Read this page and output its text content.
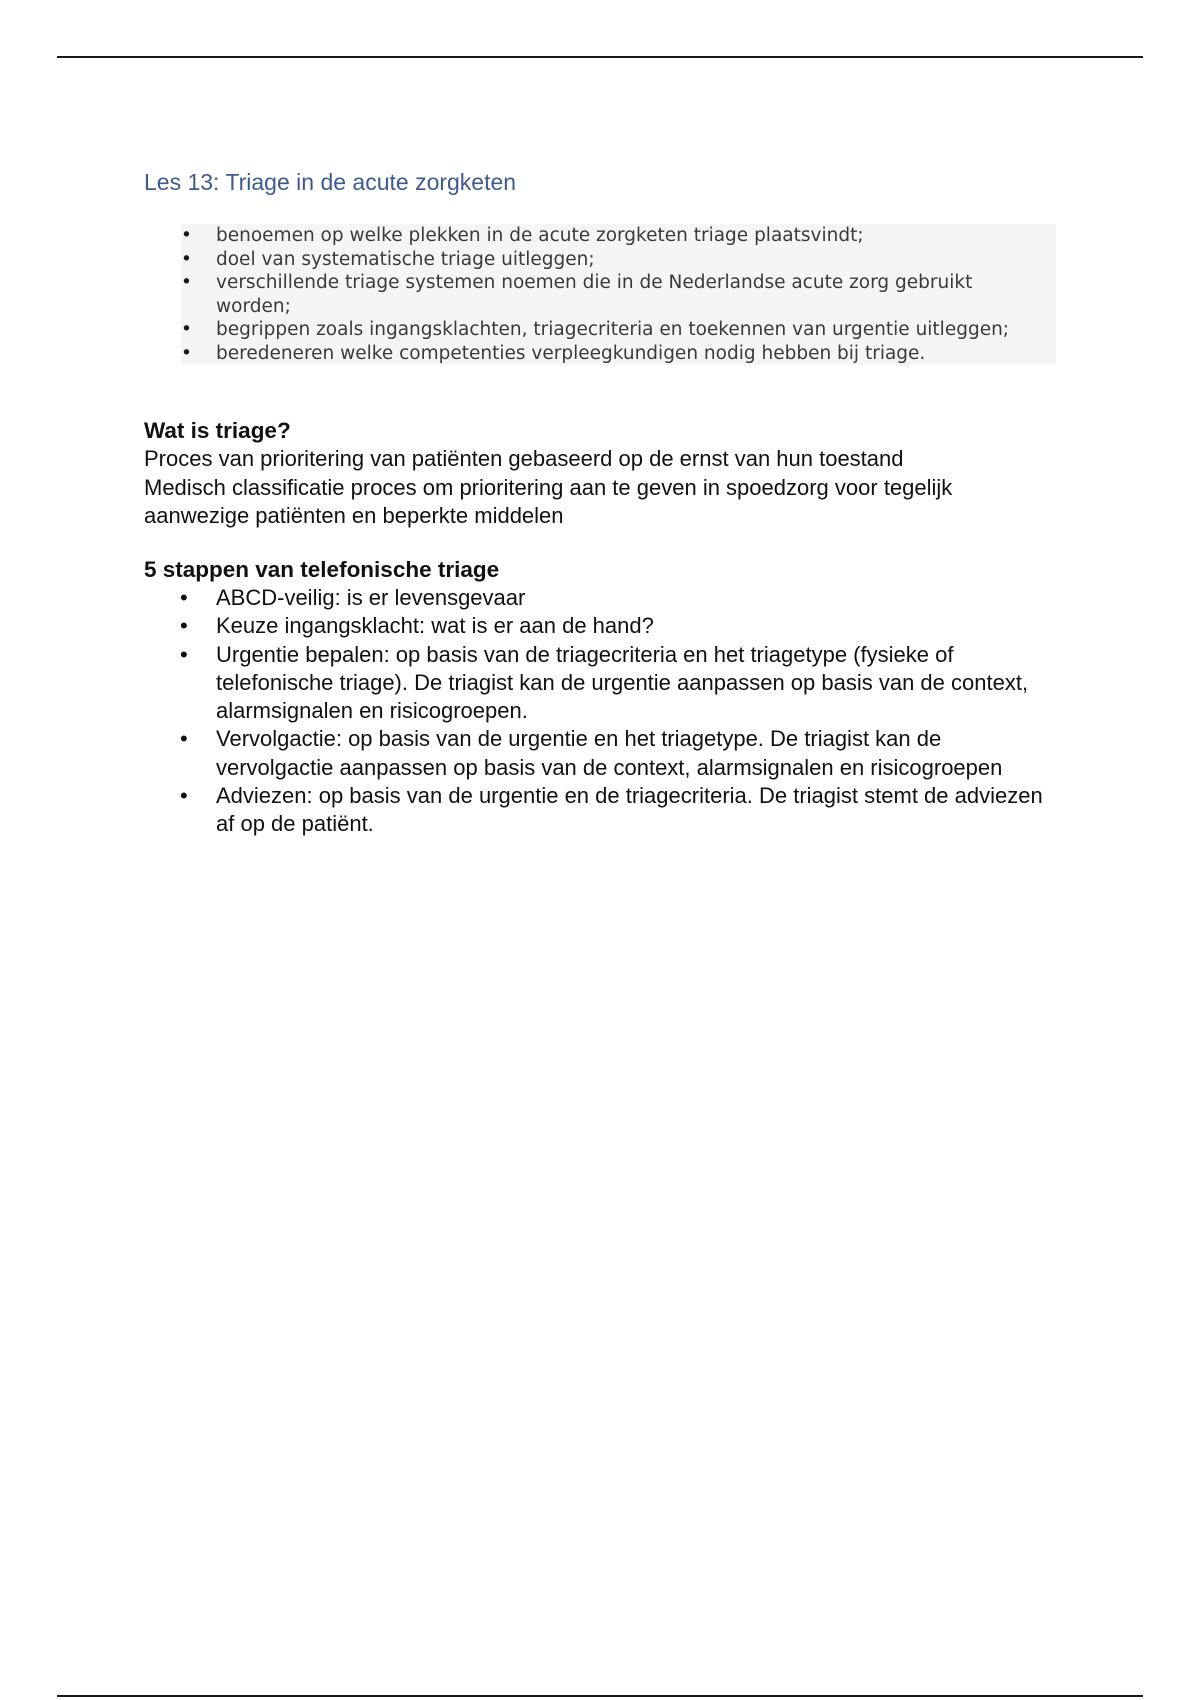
Les 13: Triage in de acute zorgketen
• benoemen op welke plekken in de acute zorgketen triage plaatsvindt;
• doel van systematische triage uitleggen;
• verschillende triage systemen noemen die in de Nederlandse acute zorg gebruikt worden;
• begrippen zoals ingangsklachten, triagecriteria en toekennen van urgentie uitleggen;
• beredeneren welke competenties verpleegkundigen nodig hebben bij triage.
Wat is triage?

Proces van prioritering van patiënten gebaseerd op de ernst van hun toestand
Medisch classificatie proces om prioritering aan te geven in spoedzorg voor tegelijk
aanwezige patiënten en beperkte middelen

5 stappen van telefonische triage
• ABCD-veilig: is er levensgevaar
• Keuze ingangsklacht: wat is er aan de hand?
• Urgentie bepalen: op basis van de triagecriteria en het triagetype (fysieke of telefonische triage). De triagist kan de urgentie aanpassen op basis van de context, alarmsignalen en risicogroepen.
• Vervolgactie: op basis van de urgentie en het triagetype. De triagist kan de vervolgactie aanpassen op basis van de context, alarmsignalen en risicogroepen
• Adviezen: op basis van de urgentie en de triagecriteria. De triagist stemt de adviezen af op de patiënt.
